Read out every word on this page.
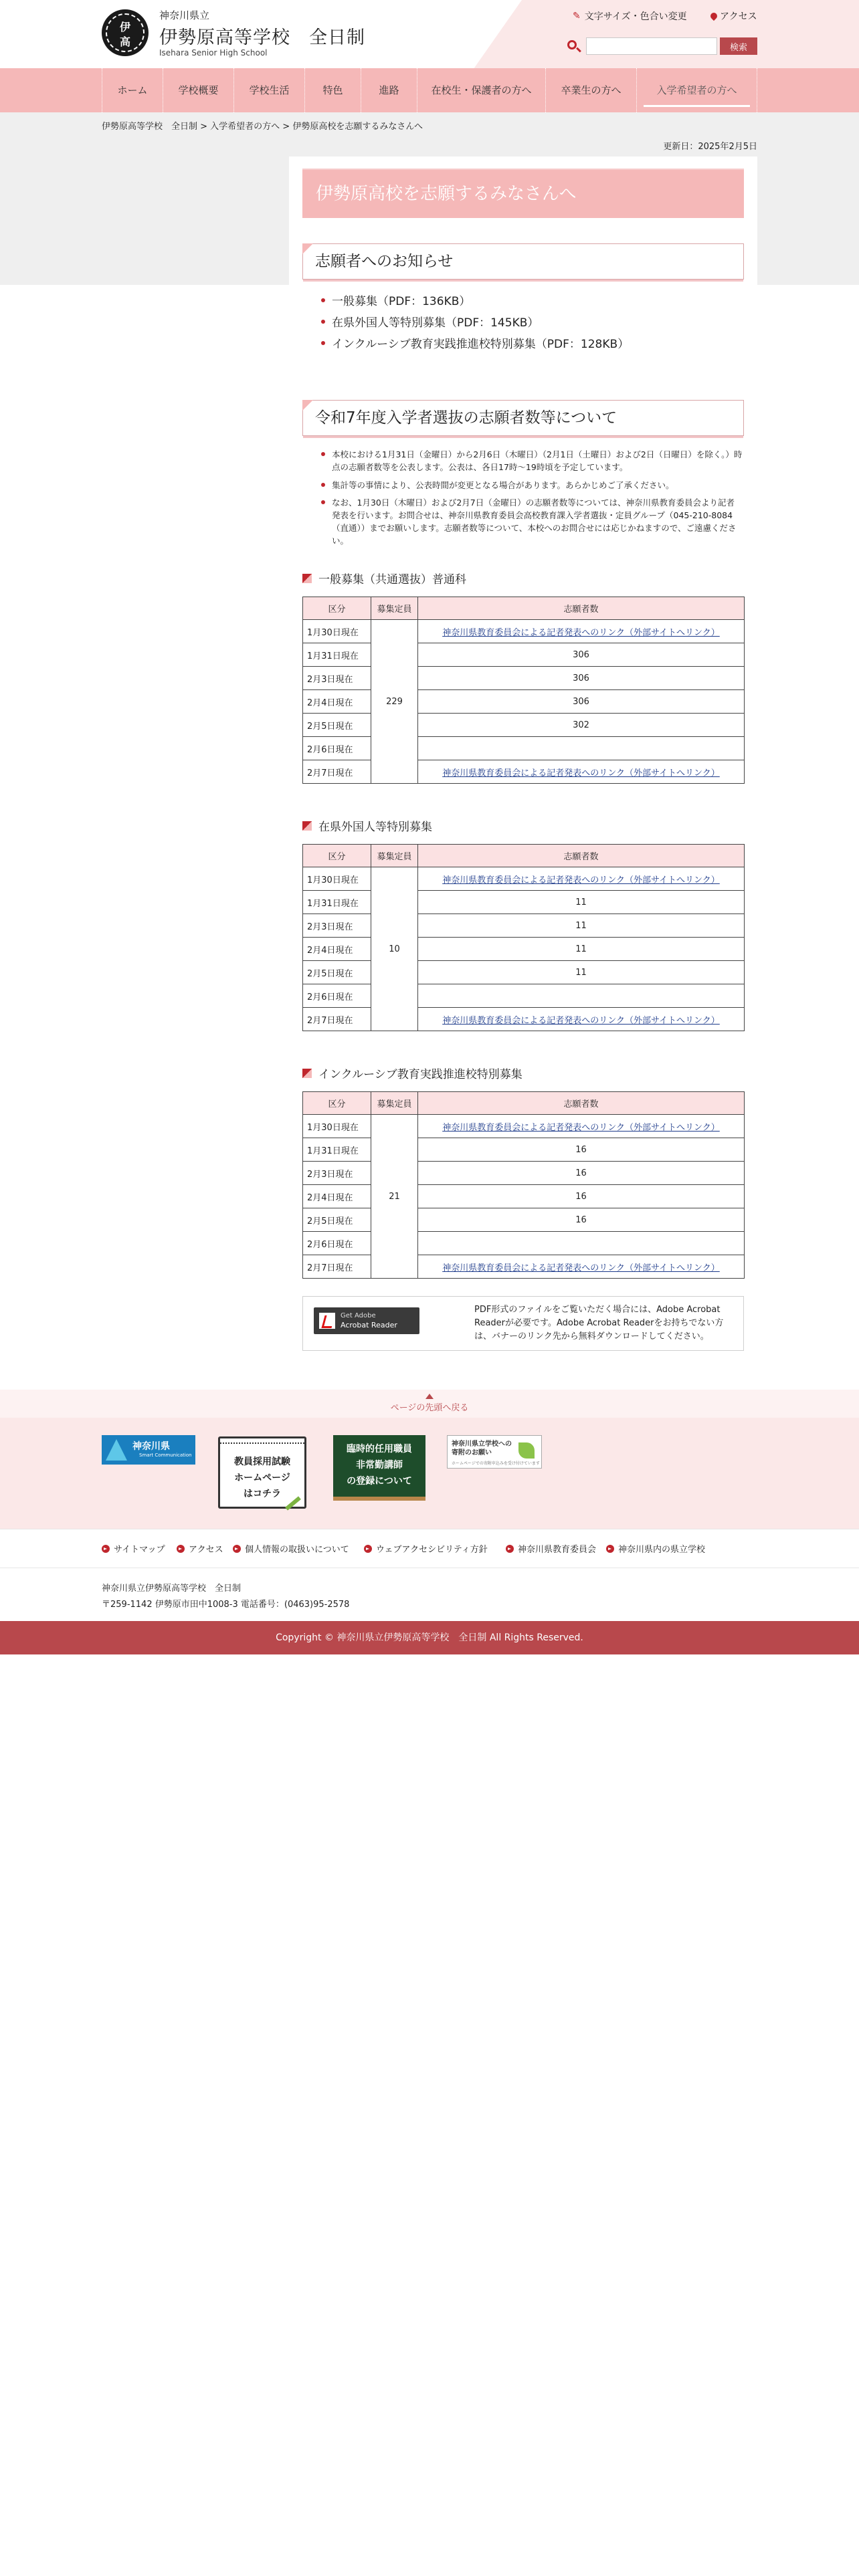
伊
高
神奈川県立
伊勢原高等学校　全日制
Isehara Senior High School
✎ 文字サイズ・色合い変更	アクセス
検索
ホーム	学校概要	学校生活	特色	進路	在校生・保護者の方へ	卒業生の方へ	入学希望者の方へ
伊勢原高等学校　全日制 > 入学希望者の方へ > 伊勢原高校を志願するみなさんへ
更新日：2025年2月5日
伊勢原高校を志願するみなさんへ
志願者へのお知らせ
一般募集（PDF：136KB）
在県外国人等特別募集（PDF：145KB）
インクルーシブ教育実践推進校特別募集（PDF：128KB）
令和7年度入学者選抜の志願者数等について
本校における1月31日（金曜日）から2月6日（木曜日）（2月1日（土曜日）および2日（日曜日）を除く。）時点の志願者数等を公表します。公表は、各日17時～19時頃を予定しています。
集計等の事情により、公表時間が変更となる場合があります。あらかじめご了承ください。
なお、1月30日（木曜日）および2月7日（金曜日）の志願者数等については、神奈川県教育委員会より記者発表を行います。お問合せは、神奈川県教育委員会高校教育課入学者選抜・定員グループ（045-210-8084（直通））までお願いします。志願者数等について、本校へのお問合せには応じかねますので、ご遠慮ください。
一般募集（共通選抜）普通科
区分	募集定員	志願者数
1月30日現在	229	神奈川県教育委員会による記者発表へのリンク（外部サイトへリンク）
1月31日現在		306
2月3日現在		306
2月4日現在		306
2月5日現在		302
2月6日現在		
2月7日現在		神奈川県教育委員会による記者発表へのリンク（外部サイトへリンク）
在県外国人等特別募集
区分	募集定員	志願者数
1月30日現在	10	神奈川県教育委員会による記者発表へのリンク（外部サイトへリンク）
1月31日現在		11
2月3日現在		11
2月4日現在		11
2月5日現在		11
2月6日現在		
2月7日現在		神奈川県教育委員会による記者発表へのリンク（外部サイトへリンク）
インクルーシブ教育実践推進校特別募集
区分	募集定員	志願者数
1月30日現在	21	神奈川県教育委員会による記者発表へのリンク（外部サイトへリンク）
1月31日現在		16
2月3日現在		16
2月4日現在		16
2月5日現在		16
2月6日現在		
2月7日現在		神奈川県教育委員会による記者発表へのリンク（外部サイトへリンク）
Get Adobe
Acrobat Reader
PDF形式のファイルをご覧いただく場合には、Adobe Acrobat Readerが必要です。Adobe Acrobat Readerをお持ちでない方は、バナーのリンク先から無料ダウンロードしてください。
ページの先頭へ戻る
神奈川県
Smart Communication
教員採用試験
ホームページ
はコチラ
臨時的任用職員
非常勤講師
の登録について
神奈川県立学校への寄附のお願い
ホームページでの寄附申込みを受け付けています
サイトマップ	アクセス 個人情報の取扱いについて	ウェブアクセシビリティ方針	神奈川県教育委員会	神奈川県内の県立学校
神奈川県立伊勢原高等学校　全日制
〒259-1142 伊勢原市田中1008-3 電話番号：(0463)95-2578
Copyright © 神奈川県立伊勢原高等学校　全日制 All Rights Reserved.
